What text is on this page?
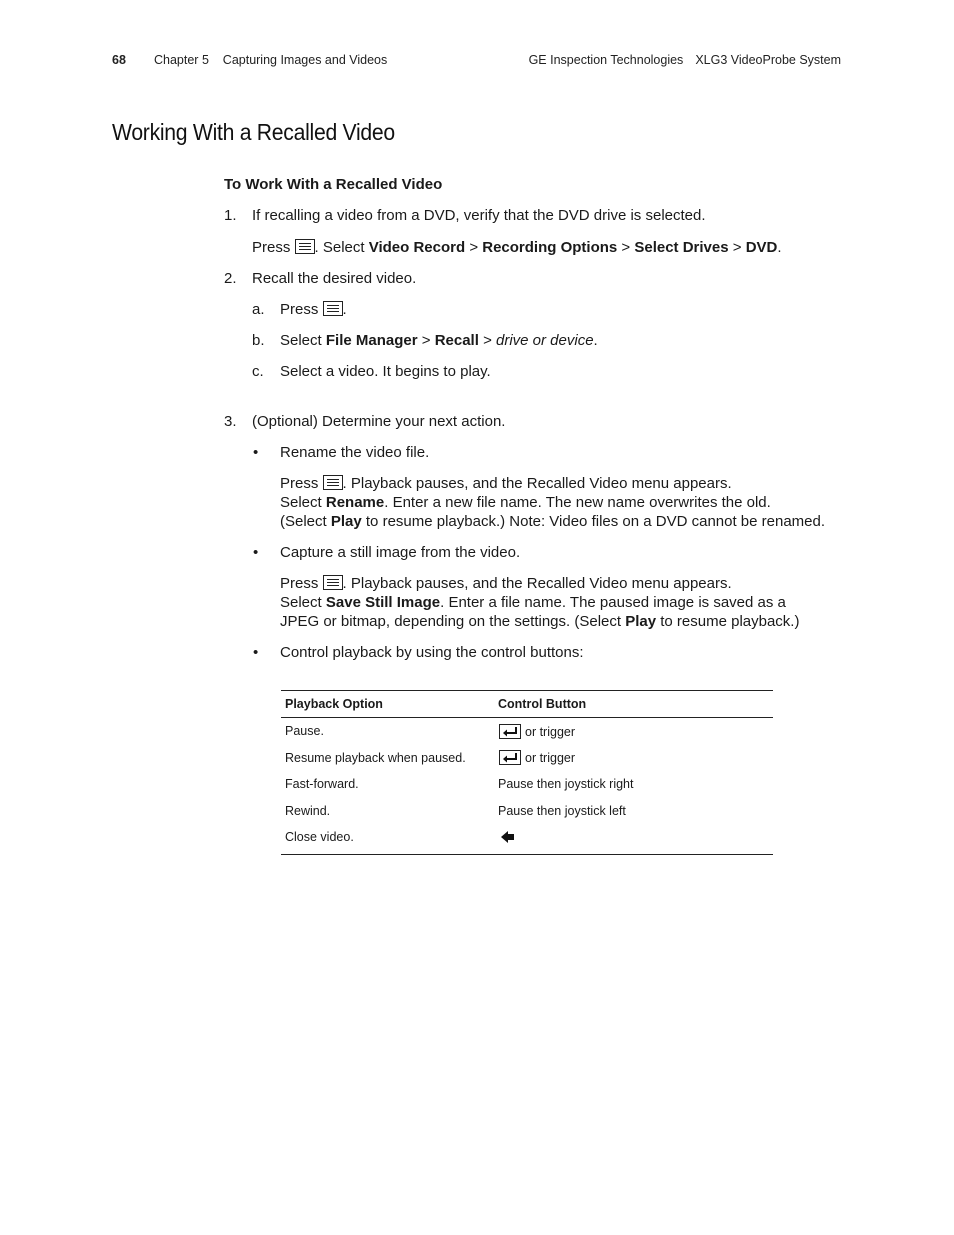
68 Chapter 5    Capturing Images and Videos	GE Inspection Technologies XLG3 VideoProbe System
Working With a Recalled Video
To Work With a Recalled Video
1. If recalling a video from a DVD, verify that the DVD drive is selected.
Press . Select Video Record > Recording Options > Select Drives > DVD.
2. Recall the desired video.
a. Press .
b. Select File Manager > Recall > drive or device.
c. Select a video. It begins to play.
3. (Optional) Determine your next action.
• Rename the video file.
Press . Playback pauses, and the Recalled Video menu appears.
Select Rename. Enter a new file name. The new name overwrites the old.
(Select Play to resume playback.) Note: Video files on a DVD cannot be renamed.
• Capture a still image from the video.
Press . Playback pauses, and the Recalled Video menu appears.
Select Save Still Image. Enter a file name. The paused image is saved as a
JPEG or bitmap, depending on the settings. (Select Play to resume playback.)
• Control playback by using the control buttons:
Playback Option	Control Button
Pause.	or trigger
Resume playback when paused.	or trigger
Fast-forward.	Pause then joystick right
Rewind.	Pause then joystick left
Close video.
